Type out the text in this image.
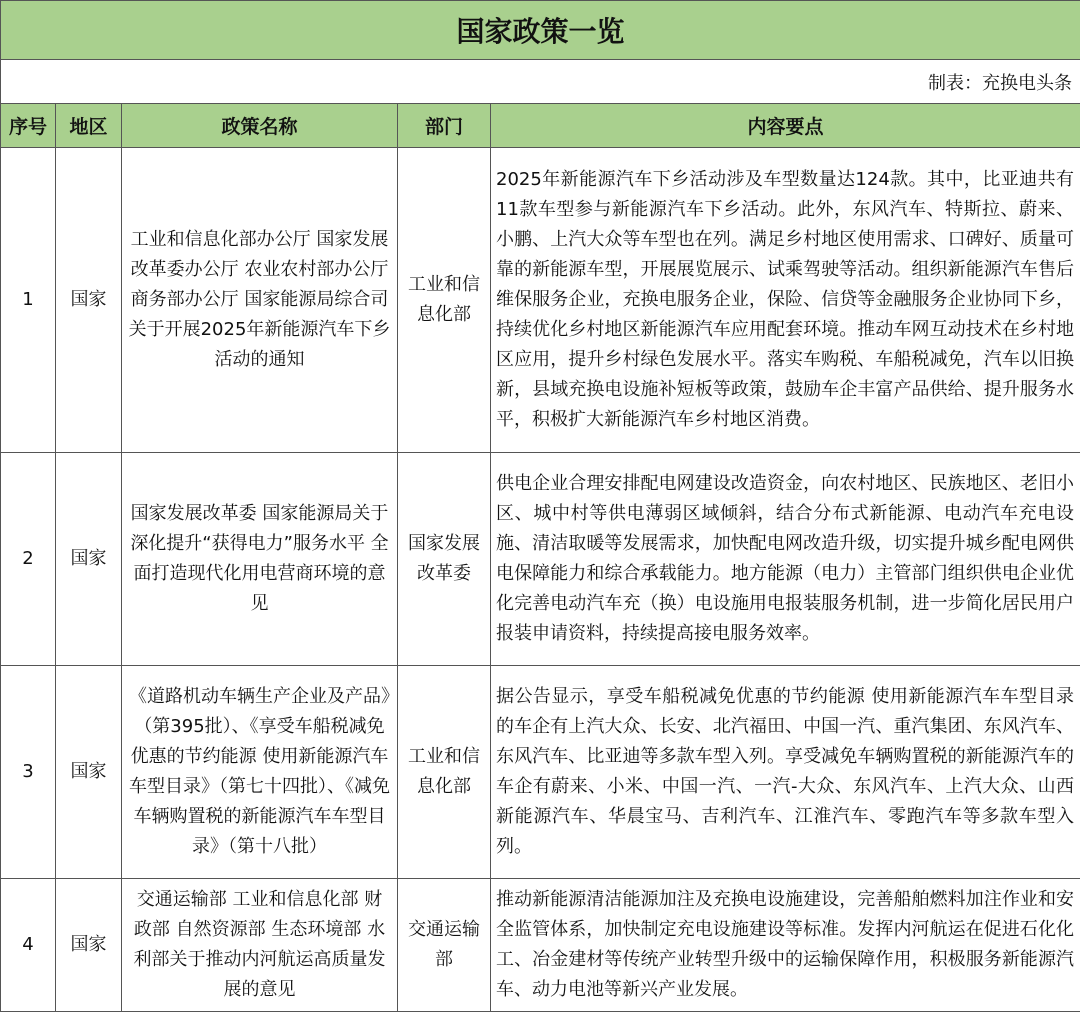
国家政策一览				
制表：充换电头条				
序号	地区	政策名称	部门	内容要点
1	国家	工业和信息化部办公厅 国家发展改革委办公厅 农业农村部办公厅 商务部办公厅 国家能源局综合司关于开展2025年新能源汽车下乡活动的通知	工业和信息化部	2025年新能源汽车下乡活动涉及车型数量达124款。其中，比亚迪共有11款车型参与新能源汽车下乡活动。此外，东风汽车、特斯拉、蔚来、小鹏、上汽大众等车型也在列。满足乡村地区使用需求、口碑好、质量可靠的新能源车型，开展展览展示、试乘驾驶等活动。组织新能源汽车售后维保服务企业，充换电服务企业，保险、信贷等金融服务企业协同下乡，持续优化乡村地区新能源汽车应用配套环境。推动车网互动技术在乡村地区应用，提升乡村绿色发展水平。落实车购税、车船税减免，汽车以旧换新，县域充换电设施补短板等政策，鼓励车企丰富产品供给、提升服务水平，积极扩大新能源汽车乡村地区消费。
2	国家	国家发展改革委 国家能源局关于深化提升“获得电力”服务水平 全面打造现代化用电营商环境的意见	国家发展改革委	供电企业合理安排配电网建设改造资金，向农村地区、民族地区、老旧小区、城中村等供电薄弱区域倾斜，结合分布式新能源、电动汽车充电设施、清洁取暖等发展需求，加快配电网改造升级，切实提升城乡配电网供电保障能力和综合承载能力。地方能源（电力）主管部门组织供电企业优化完善电动汽车充（换）电设施用电报装服务机制，进一步简化居民用户报装申请资料，持续提高接电服务效率。
3	国家	《道路机动车辆生产企业及产品》（第395批）、《享受车船税减免优惠的节约能源 使用新能源汽车车型目录》（第七十四批）、《减免车辆购置税的新能源汽车车型目录》（第十八批）	工业和信息化部	据公告显示，享受车船税减免优惠的节约能源 使用新能源汽车车型目录的车企有上汽大众、长安、北汽福田、中国一汽、重汽集团、东风汽车、东风汽车、比亚迪等多款车型入列。享受减免车辆购置税的新能源汽车的车企有蔚来、小米、中国一汽、一汽-大众、东风汽车、上汽大众、山西新能源汽车、华晨宝马、吉利汽车、江淮汽车、零跑汽车等多款车型入列。
4	国家	交通运输部 工业和信息化部 财政部 自然资源部 生态环境部 水利部关于推动内河航运高质量发展的意见	交通运输部	推动新能源清洁能源加注及充换电设施建设，完善船舶燃料加注作业和安全监管体系，加快制定充电设施建设等标准。发挥内河航运在促进石化化工、冶金建材等传统产业转型升级中的运输保障作用，积极服务新能源汽车、动力电池等新兴产业发展。
